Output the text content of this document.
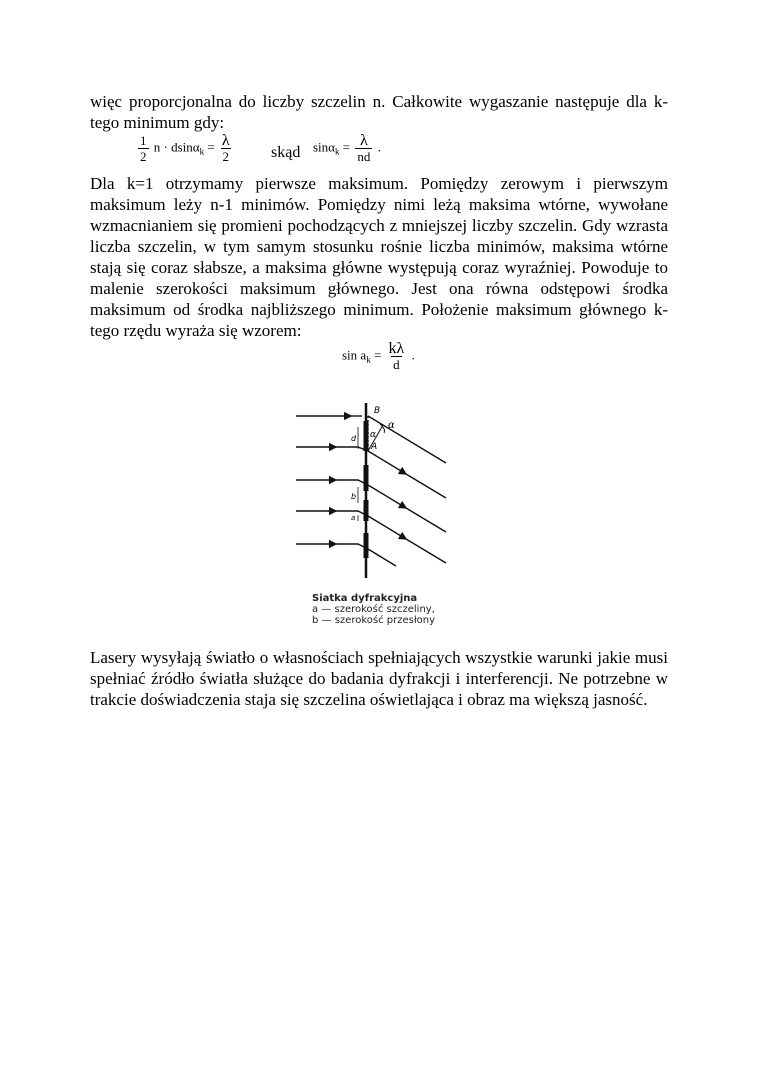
więc proporcjonalna do liczby szczelin n. Całkowite wygaszanie następuje dla k-tego minimum gdy:

$\frac{1}{2}$ $n \cdot dsin\alpha_k = \frac{\lambda}{2}$ skąd $\sin\alpha_k = \frac{\lambda}{nd}$ .

Dla k=1 otrzymamy pierwsze maksimum. Pomiędzy zerowym i pierwszym maksimum leży n-1 minimów. Pomiędzy nimi leżą maksima wtórne, wywołane wzmacnianiem się promieni pochodzących z mniejszej liczby szczelin. Gdy wzrasta liczba szczelin, w tym samym stosunku rośnie liczba minimów, maksima wtórne stają się coraz słabsze, a maksima główne występują coraz wyraźniej. Powoduje to malenie szerokości maksimum głównego. Jest ona równa odstępowi środka maksimum od środka najbliższego minimum. Położenie maksimum głównego k-tego rzędu wyraża się wzorem:

$\sin a_k = \frac{k\lambda}{d}$ .
B
A
α
α
d
b
a
Siatka dyfrakcyjna
a — szerokość szczeliny,
b — szerokość przesłony

Lasery wysyłają światło o własnościach spełniających wszystkie warunki jakie musi spełniać źródło światła służące do badania dyfrakcji i interferencji. Ne potrzebne w trakcie doświadczenia staja się szczelina oświetlająca i obraz ma większą jasność.
